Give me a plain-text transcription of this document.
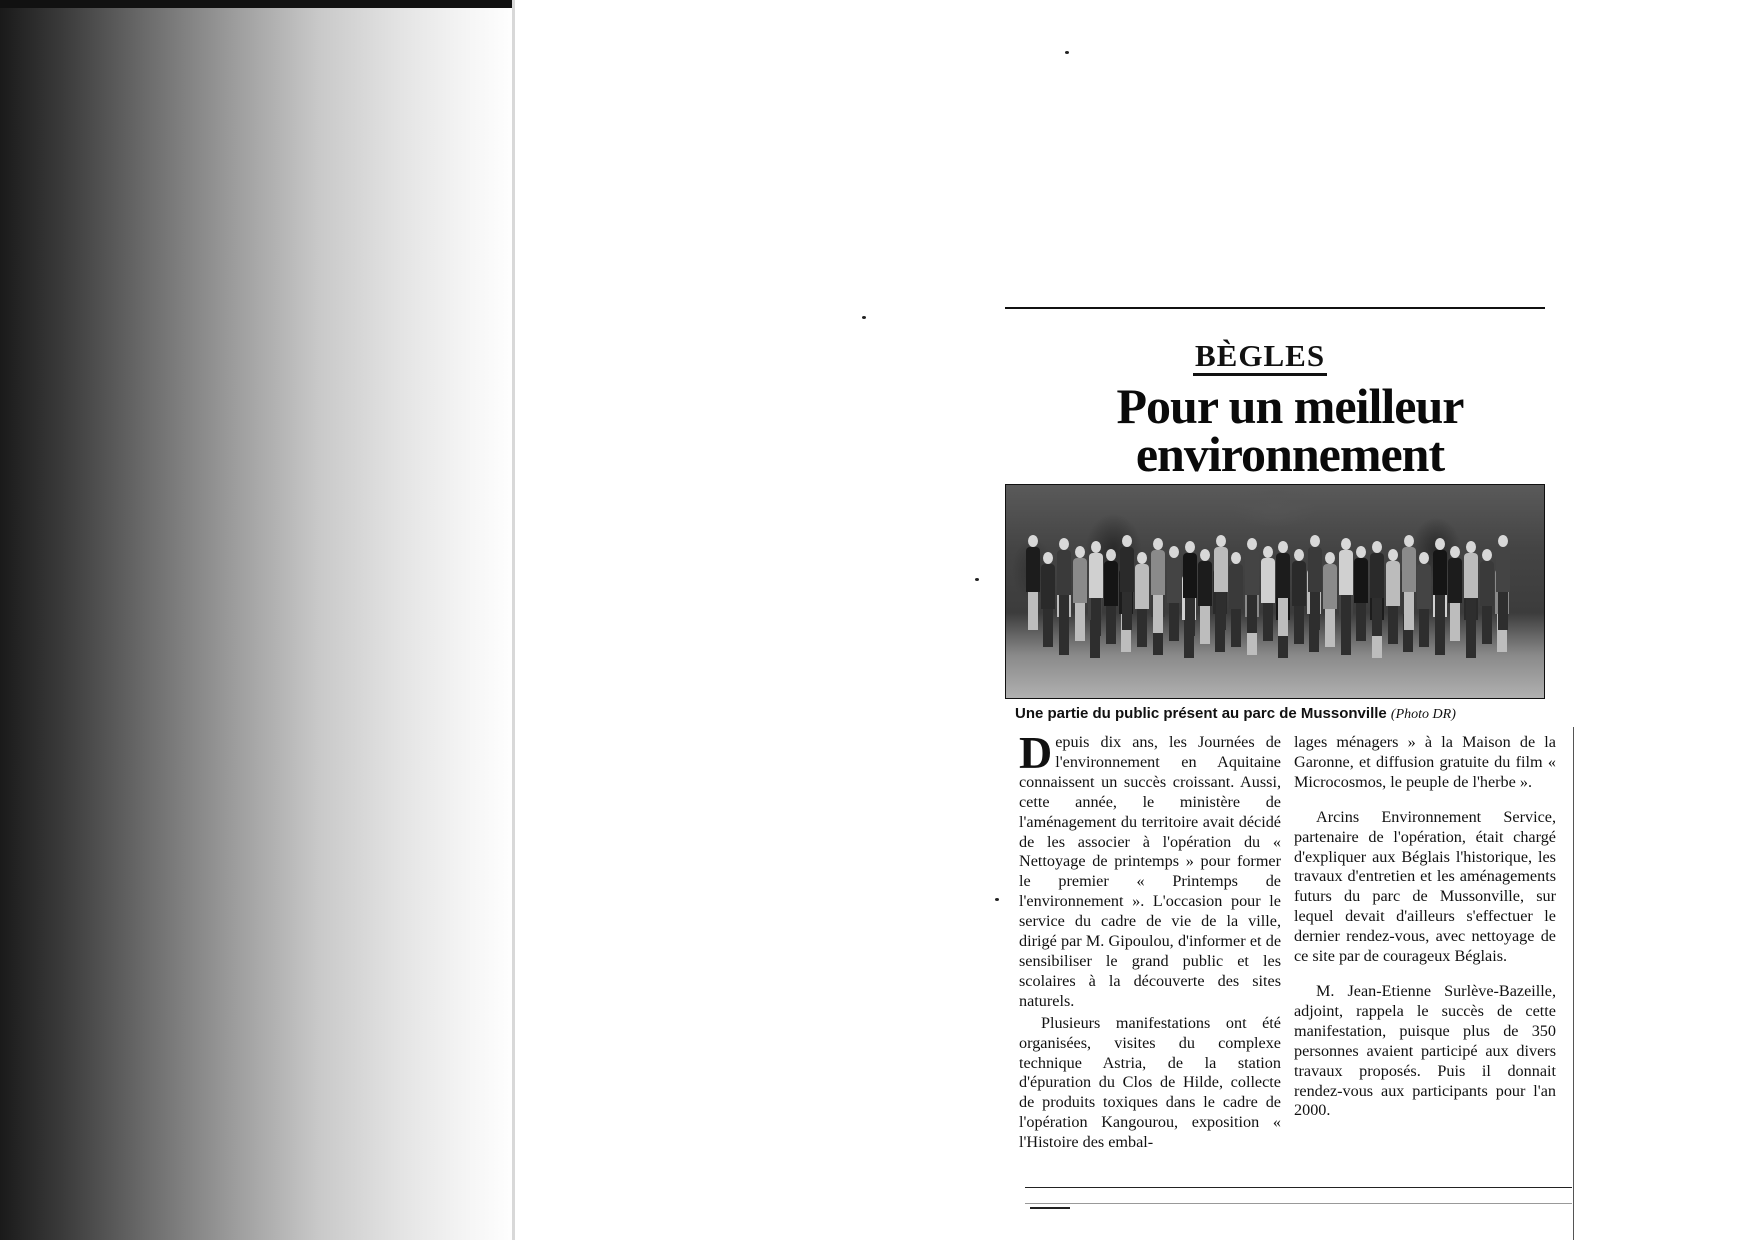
BÈGLES
Pour un meilleur
environnement
Une partie du public présent au parc de Mussonville (Photo DR)

Depuis dix ans, les Journées de l'environnement en Aquitaine connaissent un succès croissant. Aussi, cette année, le ministère de l'aménagement du territoire avait décidé de les associer à l'opération du « Nettoyage de printemps » pour former le premier « Printemps de l'environnement ». L'occasion pour le service du cadre de vie de la ville, dirigé par M. Gipoulou, d'informer et de sensibiliser le grand public et les scolaires à la découverte des sites naturels.

Plusieurs manifestations ont été organisées, visites du complexe technique Astria, de la station d'épuration du Clos de Hilde, collecte de produits toxiques dans le cadre de l'opération Kangourou, exposition « l'Histoire des embal-

lages ménagers » à la Maison de la Garonne, et diffusion gratuite du film « Microcosmos, le peuple de l'herbe ».

Arcins Environnement Service, partenaire de l'opération, était chargé d'expliquer aux Béglais l'historique, les travaux d'entretien et les aménagements futurs du parc de Mussonville, sur lequel devait d'ailleurs s'effectuer le dernier rendez-vous, avec nettoyage de ce site par de courageux Béglais.

M. Jean-Etienne Surlève-Bazeille, adjoint, rappela le succès de cette manifestation, puisque plus de 350 personnes avaient participé aux divers travaux proposés. Puis il donnait rendez-vous aux participants pour l'an 2000.
